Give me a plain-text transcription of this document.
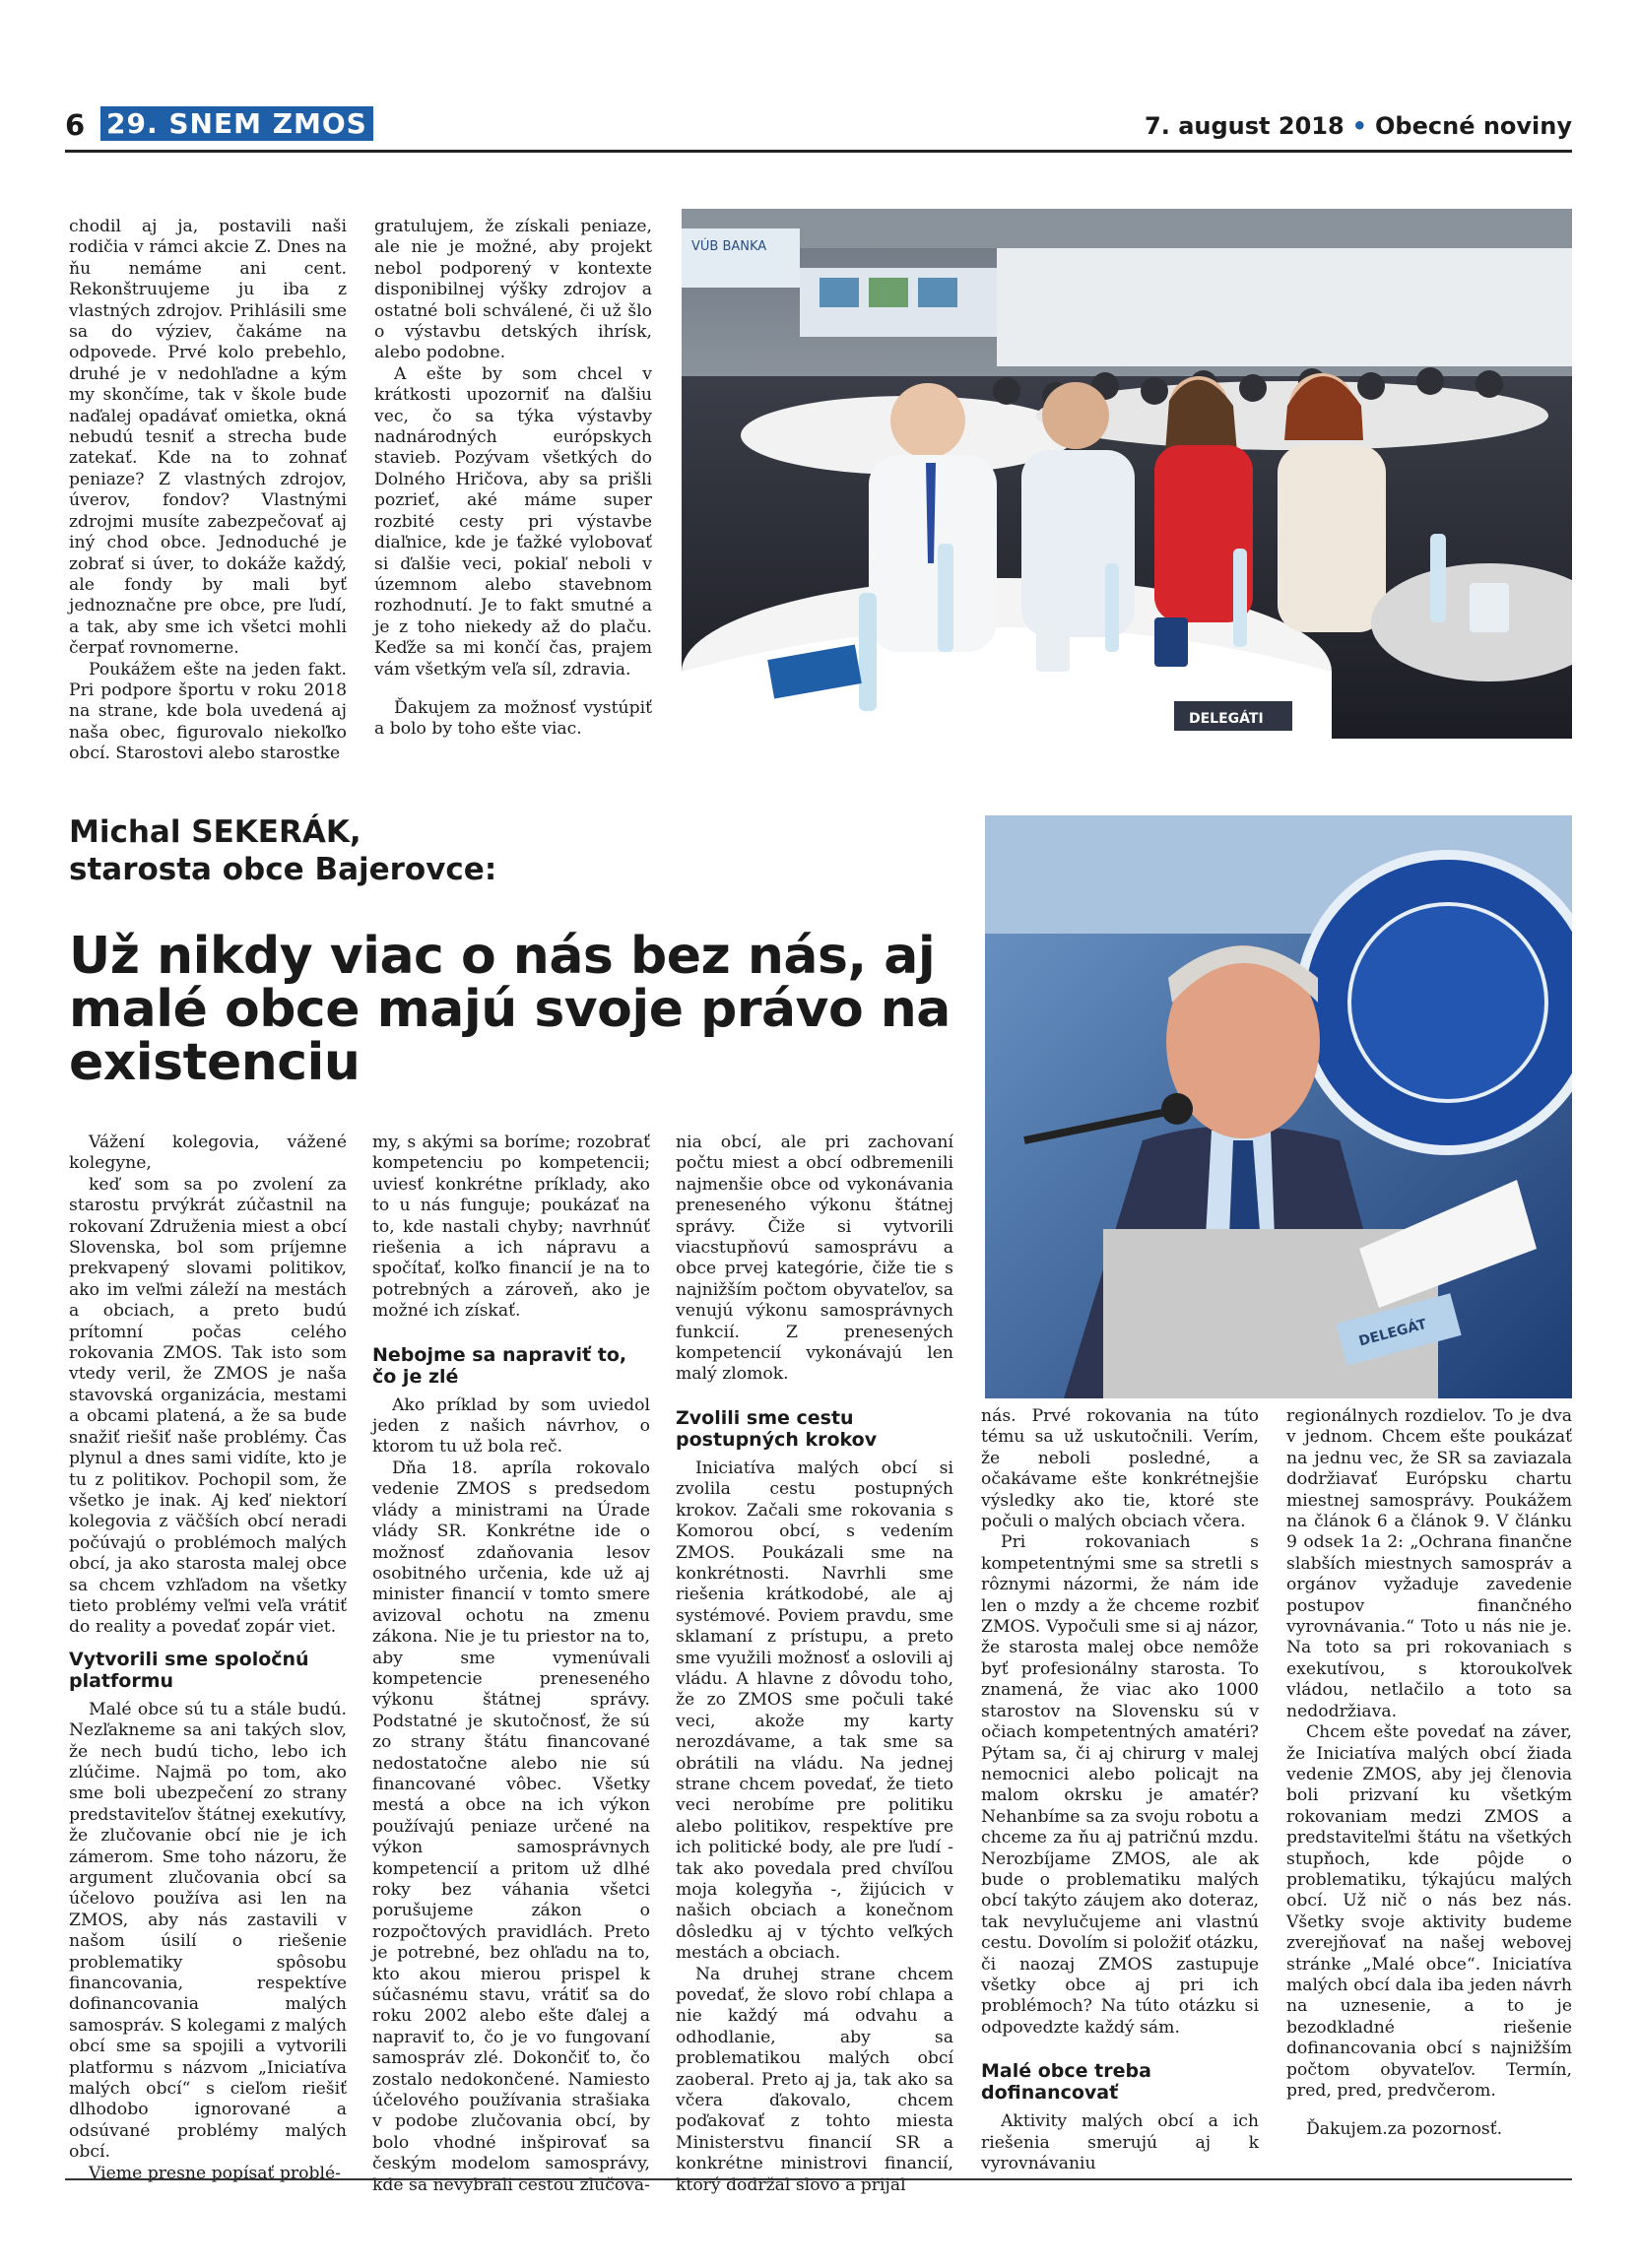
6 29. SNEM ZMOS	7. august 2018 • Obecné noviny

chodil aj ja, postavili naši rodičia v rámci akcie Z. Dnes na ňu nemáme ani cent. Rekonštruujeme ju iba z vlastných zdrojov. Prihlásili sme sa do výziev, čakáme na odpovede. Prvé kolo prebehlo, druhé je v nedohľadne a kým my skončíme, tak v škole bude naďalej opadávať omietka, okná nebudú tesniť a strecha bude zatekať. Kde na to zohnať peniaze? Z vlastných zdrojov, úverov, fondov? Vlastnými zdrojmi musíte zabezpečovať aj iný chod obce. Jednoduché je zobrať si úver, to dokáže každý, ale fondy by mali byť jednoznačne pre obce, pre ľudí, a tak, aby sme ich všetci mohli čerpať rovnomerne.

Poukážem ešte na jeden fakt. Pri podpore športu v roku 2018 na strane, kde bola uvedená aj naša obec, figurovalo niekoľko obcí. Starostovi alebo starostke

gratulujem, že získali peniaze, ale nie je možné, aby projekt nebol podporený v kontexte disponibilnej výšky zdrojov a ostatné boli schválené, či už šlo o výstavbu detských ihrísk, alebo podobne.

A ešte by som chcel v krátkosti upozorniť na ďalšiu vec, čo sa týka výstavby nadnárodných európskych stavieb. Pozývam všetkých do Dolného Hričova, aby sa prišli pozrieť, aké máme super rozbité cesty pri výstavbe diaľnice, kde je ťažké vylobovať si ďalšie veci, pokiaľ neboli v územnom alebo stavebnom rozhodnutí. Je to fakt smutné a je z toho niekedy až do plaču. Keďže sa mi končí čas, prajem vám všetkým veľa síl, zdravia.

Ďakujem za možnosť vystúpiť a bolo by toho ešte viac.

VÚB BANKA
DELEGÁTI
Michal SEKERÁK,
starosta obce Bajerovce:
Už nikdy viac o nás bez nás, aj malé obce majú svoje právo na existenciu
DELEGÁT

Vážení kolegovia, vážené kolegyne,

keď som sa po zvolení za starostu prvýkrát zúčastnil na rokovaní Združenia miest a obcí Slovenska, bol som príjemne prekvapený slovami politikov, ako im veľmi záleží na mestách a obciach, a preto budú prítomní počas celého rokovania ZMOS. Tak isto som vtedy veril, že ZMOS je naša stavovská organizácia, mestami a obcami platená, a že sa bude snažiť riešiť naše problémy. Čas plynul a dnes sami vidíte, kto je tu z politikov. Pochopil som, že všetko je inak. Aj keď niektorí kolegovia z väčších obcí neradi počúvajú o problémoch malých obcí, ja ako starosta malej obce sa chcem vzhľadom na všetky tieto problémy veľmi veľa vrátiť do reality a povedať zopár viet.

Vytvorili sme spoločnú platformu

Malé obce sú tu a stále budú. Nezľakneme sa ani takých slov, že nech budú ticho, lebo ich zlúčime. Najmä po tom, ako sme boli ubezpečení zo strany predstaviteľov štátnej exekutívy, že zlučovanie obcí nie je ich zámerom. Sme toho názoru, že argument zlučovania obcí sa účelovo používa asi len na ZMOS, aby nás zastavili v našom úsilí o riešenie problematiky spôsobu financovania, respektíve dofinancovania malých samospráv. S kolegami z malých obcí sme sa spojili a vytvorili platformu s názvom „Iniciatíva malých obcí“ s cieľom riešiť dlhodobo ignorované a odsúvané problémy malých obcí.

Vieme presne popísať problé-

my, s akými sa boríme; rozobrať kompetenciu po kompetencii; uviesť konkrétne príklady, ako to u nás funguje; poukázať na to, kde nastali chyby; navrhnúť riešenia a ich nápravu a spočítať, koľko financií je na to potrebných a zároveň, ako je možné ich získať.

Nebojme sa napraviť to, čo je zlé

Ako príklad by som uviedol jeden z našich návrhov, o ktorom tu už bola reč.

Dňa 18. apríla rokovalo vedenie ZMOS s predsedom vlády a ministrami na Úrade vlády SR. Konkrétne ide o možnosť zdaňovania lesov osobitného určenia, kde už aj minister financií v tomto smere avizoval ochotu na zmenu zákona. Nie je tu priestor na to, aby sme vymenúvali kompetencie preneseného výkonu štátnej správy. Podstatné je skutočnosť, že sú zo strany štátu financované nedostatočne alebo nie sú financované vôbec. Všetky mestá a obce na ich výkon používajú peniaze určené na výkon samosprávnych kompetencií a pritom už dlhé roky bez váhania všetci porušujeme zákon o rozpočtových pravidlách. Preto je potrebné, bez ohľadu na to, kto akou mierou prispel k súčasnému stavu, vrátiť sa do roku 2002 alebo ešte ďalej a napraviť to, čo je vo fungovaní samospráv zlé. Dokončiť to, čo zostalo nedokončené. Namiesto účelového používania strašiaka v podobe zlučovania obcí, by bolo vhodné inšpirovať sa českým modelom samosprávy, kde sa nevybrali cestou zlučova-

nia obcí, ale pri zachovaní počtu miest a obcí odbremenili najmenšie obce od vykonávania preneseného výkonu štátnej správy. Čiže si vytvorili viacstupňovú samosprávu a obce prvej kategórie, čiže tie s najnižším počtom obyvateľov, sa venujú výkonu samosprávnych funkcií. Z prenesených kompetencií vykonávajú len malý zlomok.

Zvolili sme cestu postupných krokov

Iniciatíva malých obcí si zvolila cestu postupných krokov. Začali sme rokovania s Komorou obcí, s vedením ZMOS. Poukázali sme na konkrétnosti. Navrhli sme riešenia krátkodobé, ale aj systémové. Poviem pravdu, sme sklamaní z prístupu, a preto sme využili možnosť a oslovili aj vládu. A hlavne z dôvodu toho, že zo ZMOS sme počuli také veci, akože my karty nerozdávame, a tak sme sa obrátili na vládu. Na jednej strane chcem povedať, že tieto veci nerobíme pre politiku alebo politikov, respektíve pre ich politické body, ale pre ľudí - tak ako povedala pred chvíľou moja kolegyňa -, žijúcich v našich obciach a konečnom dôsledku aj v týchto veľkých mestách a obciach.

Na druhej strane chcem povedať, že slovo robí chlapa a nie každý má odvahu a odhodlanie, aby sa problematikou malých obcí zaoberal. Preto aj ja, tak ako sa včera ďakovalo, chcem poďakovať z tohto miesta Ministerstvu financií SR a konkrétne ministrovi financií, ktorý dodržal slovo a prijal

nás. Prvé rokovania na túto tému sa už uskutočnili. Verím, že neboli posledné, a očakávame ešte konkrétnejšie výsledky ako tie, ktoré ste počuli o malých obciach včera.

Pri rokovaniach s kompetentnými sme sa stretli s rôznymi názormi, že nám ide len o mzdy a že chceme rozbiť ZMOS. Vypočuli sme si aj názor, že starosta malej obce nemôže byť profesionálny starosta. To znamená, že viac ako 1000 starostov na Slovensku sú v očiach kompetentných amatéri? Pýtam sa, či aj chirurg v malej nemocnici alebo policajt na malom okrsku je amatér? Nehanbíme sa za svoju robotu a chceme za ňu aj patričnú mzdu. Nerozbíjame ZMOS, ale ak bude o problematiku malých obcí takýto záujem ako doteraz, tak nevylučujeme ani vlastnú cestu. Dovolím si položiť otázku, či naozaj ZMOS zastupuje všetky obce aj pri ich problémoch? Na túto otázku si odpovedzte každý sám.

Malé obce treba dofinancovať

Aktivity malých obcí a ich riešenia smerujú aj k vyrovnávaniu

regionálnych rozdielov. To je dva v jednom. Chcem ešte poukázať na jednu vec, že SR sa zaviazala dodržiavať Európsku chartu miestnej samosprávy. Poukážem na článok 6 a článok 9. V článku 9 odsek 1a 2: „Ochrana finančne slabších miestnych samospráv a orgánov vyžaduje zavedenie postupov finančného vyrovnávania.“ Toto u nás nie je. Na toto sa pri rokovaniach s exekutívou, s ktoroukoľvek vládou, netlačilo a toto sa nedodržiava.

Chcem ešte povedať na záver, že Iniciatíva malých obcí žiada vedenie ZMOS, aby jej členovia boli prizvaní ku všetkým rokovaniam medzi ZMOS a predstaviteľmi štátu na všetkých stupňoch, kde pôjde o problematiku, týkajúcu malých obcí. Už nič o nás bez nás. Všetky svoje aktivity budeme zverejňovať na našej webovej stránke „Malé obce“. Iniciatíva malých obcí dala iba jeden návrh na uznesenie, a to je bezodkladné riešenie dofinancovania obcí s najnižším počtom obyvateľov. Termín, pred, pred, predvčerom.

Ďakujem.za pozornosť.
